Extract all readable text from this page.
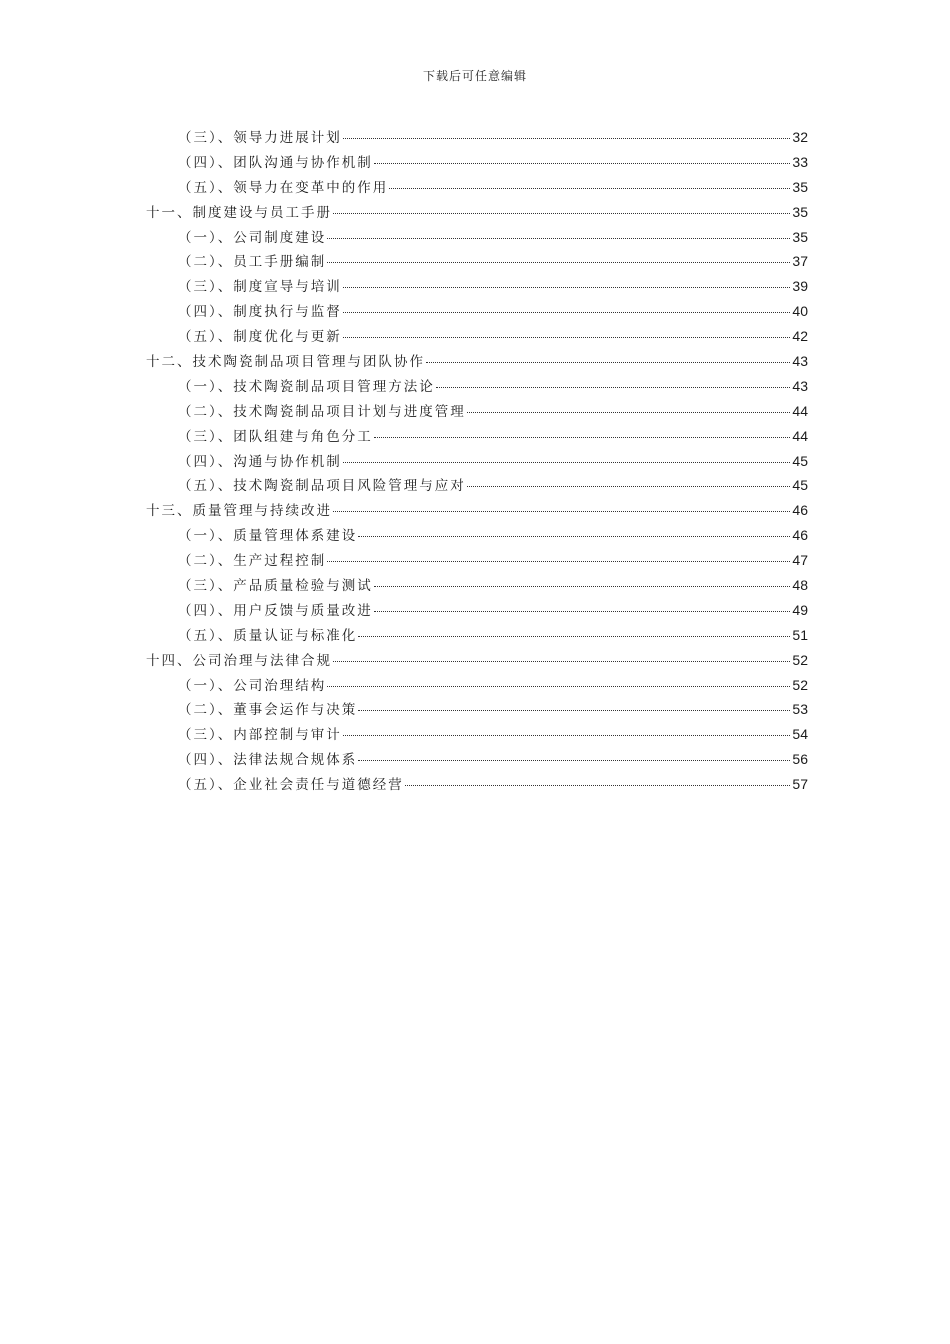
下载后可任意编辑
（三）、领导力进展计划	32
（四）、团队沟通与协作机制	33
（五）、领导力在变革中的作用	35
十一、制度建设与员工手册	35
（一）、公司制度建设	35
（二）、员工手册编制	37
（三）、制度宣导与培训	39
（四）、制度执行与监督	40
（五）、制度优化与更新	42
十二、技术陶瓷制品项目管理与团队协作	43
（一）、技术陶瓷制品项目管理方法论	43
（二）、技术陶瓷制品项目计划与进度管理	44
（三）、团队组建与角色分工	44
（四）、沟通与协作机制	45
（五）、技术陶瓷制品项目风险管理与应对	45
十三、质量管理与持续改进	46
（一）、质量管理体系建设	46
（二）、生产过程控制	47
（三）、产品质量检验与测试	48
（四）、用户反馈与质量改进	49
（五）、质量认证与标准化	51
十四、公司治理与法律合规	52
（一）、公司治理结构	52
（二）、董事会运作与决策	53
（三）、内部控制与审计	54
（四）、法律法规合规体系	56
（五）、企业社会责任与道德经营	57
